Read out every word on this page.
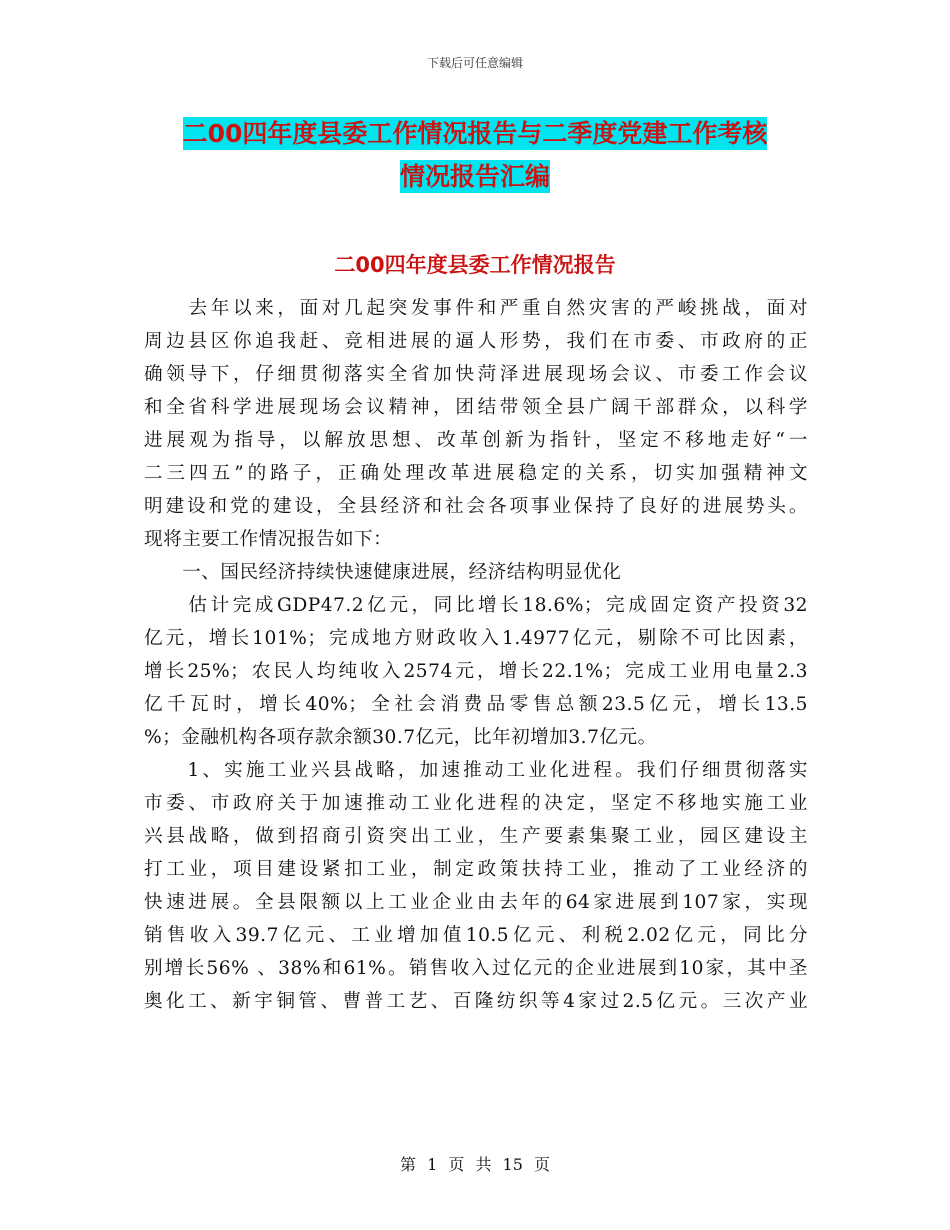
下载后可任意编辑
二00四年度县委工作情况报告与二季度党建工作考核
情况报告汇编
二00四年度县委工作情况报告
　　去年以来，面对几起突发事件和严重自然灾害的严峻挑战，面对
周边县区你追我赶、竞相进展的逼人形势，我们在市委、市政府的正
确领导下，仔细贯彻落实全省加快菏泽进展现场会议、市委工作会议
和全省科学进展现场会议精神，团结带领全县广阔干部群众，以科学
进展观为指导，以解放思想、改革创新为指针，坚定不移地走好“一
二三四五”的路子，正确处理改革进展稳定的关系，切实加强精神文
明建设和党的建设，全县经济和社会各项事业保持了良好的进展势头。
现将主要工作情况报告如下：
　　一、国民经济持续快速健康进展，经济结构明显优化
　　估计完成GDP47.2亿元，同比增长18.6%；完成固定资产投资32
亿元，增长101%；完成地方财政收入1.4977亿元，剔除不可比因素，
增长25%；农民人均纯收入2574元，增长22.1%；完成工业用电量2.3
亿千瓦时，增长40%；全社会消费品零售总额23.5亿元，增长13.5
%；金融机构各项存款余额30.7亿元，比年初增加3.7亿元。
　　1、实施工业兴县战略，加速推动工业化进程。我们仔细贯彻落实
市委、市政府关于加速推动工业化进程的决定，坚定不移地实施工业
兴县战略，做到招商引资突出工业，生产要素集聚工业，园区建设主
打工业，项目建设紧扣工业，制定政策扶持工业，推动了工业经济的
快速进展。全县限额以上工业企业由去年的64家进展到107家，实现
销售收入39.7亿元、工业增加值10.5亿元、利税2.02亿元，同比分
别增长56% 、38%和61%。销售收入过亿元的企业进展到10家，其中圣
奥化工、新宇铜管、曹普工艺、百隆纺织等4家过2.5亿元。三次产业
第 1 页 共 15 页
